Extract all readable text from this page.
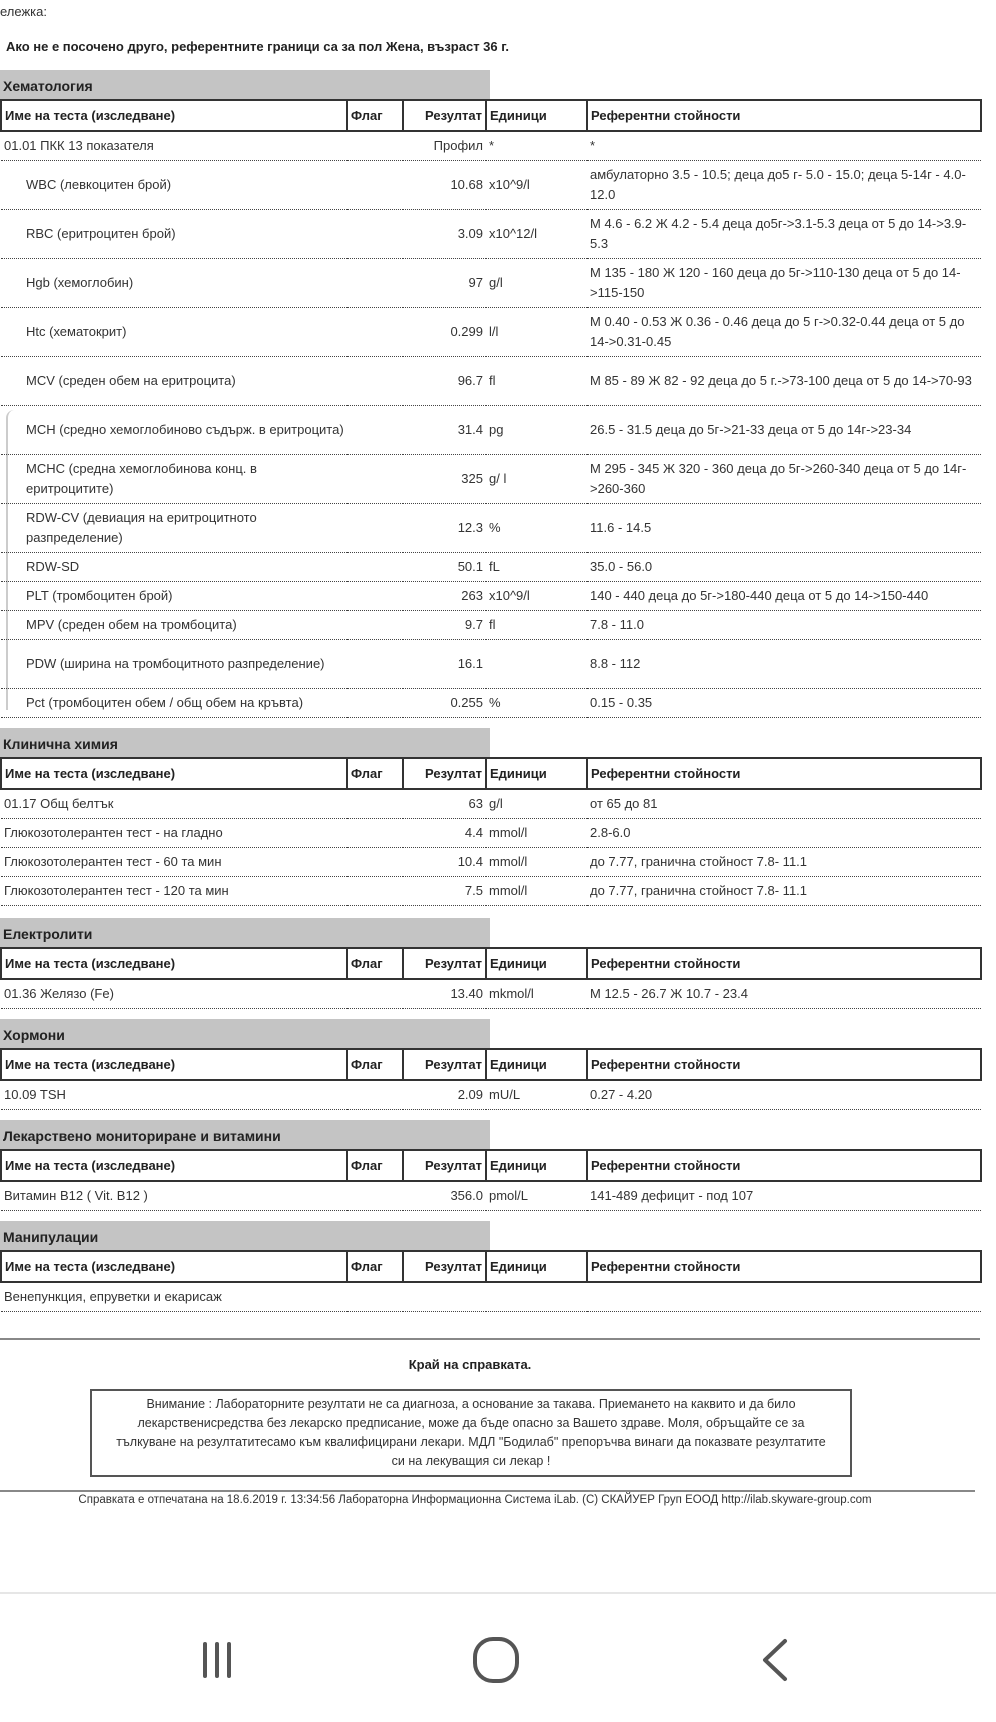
ележка:
Ако не е посочено друго, референтните граници са за пол Жена, възраст 36 г.
Хематология
Име на теста (изследване)	Флаг	Резултат	Единици	Референтни стойности
01.01 ПКК 13 показателя		Профил	*	*
WBC (левкоцитен брой)		10.68	x10^9/l	амбулаторно 3.5 - 10.5; деца до5 г- 5.0 - 15.0; деца 5-14г - 4.0-12.0
RBC (еритроцитен брой)		3.09	x10^12/l	М 4.6 - 6.2 Ж 4.2 - 5.4 деца до5г->3.1-5.3 деца от 5 до 14->3.9-5.3
Hgb (хемоглобин)		97	g/l	М 135 - 180 Ж 120 - 160 деца до 5г->110-130 деца от 5 до 14->115-150
Htc (хематокрит)		0.299	l/l	М 0.40 - 0.53 Ж 0.36 - 0.46 деца до 5 г->0.32-0.44 деца от 5 до 14->0.31-0.45
MCV (среден обем на еритроцита)		96.7	fl	М 85 - 89 Ж 82 - 92 деца до 5 г.->73-100 деца от 5 до 14->70-93
MCH (средно хемоглобиново съдърж. в еритроцита)		31.4	pg	26.5 - 31.5 деца до 5г->21-33 деца от 5 до 14г->23-34
MCHC (средна хемоглобинова конц. в еритроцитите)		325	g/ l	М 295 - 345 Ж 320 - 360 деца до 5г->260-340 деца от 5 до 14г->260-360
RDW-CV (девиация на еритроцитното разпределение)		12.3	%	11.6 - 14.5
RDW-SD		50.1	fL	35.0 - 56.0
PLT (тромбоцитен брой)		263	x10^9/l	140 - 440 деца до 5г->180-440 деца от 5 до 14->150-440
MPV (среден обем на тромбоцита)		9.7	fl	7.8 - 11.0
PDW (ширина на тромбоцитното разпределение)		16.1		8.8 - 112
Pct (тромбоцитен обем / общ обем на кръвта)		0.255	%	0.15 - 0.35
Клинична химия
Име на теста (изследване)	Флаг	Резултат	Единици	Референтни стойности
01.17 Общ белтък		63	g/l	от 65 до 81
Глюкозотолерантен тест - на гладно		4.4	mmol/l	2.8-6.0
Глюкозотолерантен тест - 60 та мин		10.4	mmol/l	до 7.77, гранична стойност 7.8- 11.1
Глюкозотолерантен тест - 120 та мин		7.5	mmol/l	до 7.77, гранична стойност 7.8- 11.1
Електролити
Име на теста (изследване)	Флаг	Резултат	Единици	Референтни стойности
01.36 Желязо (Fe)		13.40	mkmol/l	М 12.5 - 26.7 Ж 10.7 - 23.4
Хормони
Име на теста (изследване)	Флаг	Резултат	Единици	Референтни стойности
10.09 TSH		2.09	mU/L	0.27 - 4.20
Лекарствено мониториране и витамини
Име на теста (изследване)	Флаг	Резултат	Единици	Референтни стойности
Витамин B12 ( Vit. B12 )		356.0	pmol/L	141-489 дефицит - под 107
Манипулации
Име на теста (изследване)	Флаг	Резултат	Единици	Референтни стойности
Венепункция, епруветки и екарисаж				
Край на справката.
Внимание : Лабораторните резултати не са диагноза, а основание за такава. Приемането на каквито и да било лекарственисредства без лекарско предписание, може да бъде опасно за Вашето здраве. Моля, обръщайте се за тълкуване на резултатитесамо към квалифицирани лекари. МДЛ "Бодилаб" препоръчва винаги да показвате резултатите си на лекуващия си лекар !
Справката е отпечатана на 18.6.2019 г. 13:34:56 Лабораторна Информационна Система iLab. (C) СКАЙУЕР Груп ЕООД http://ilab.skyware-group.com
